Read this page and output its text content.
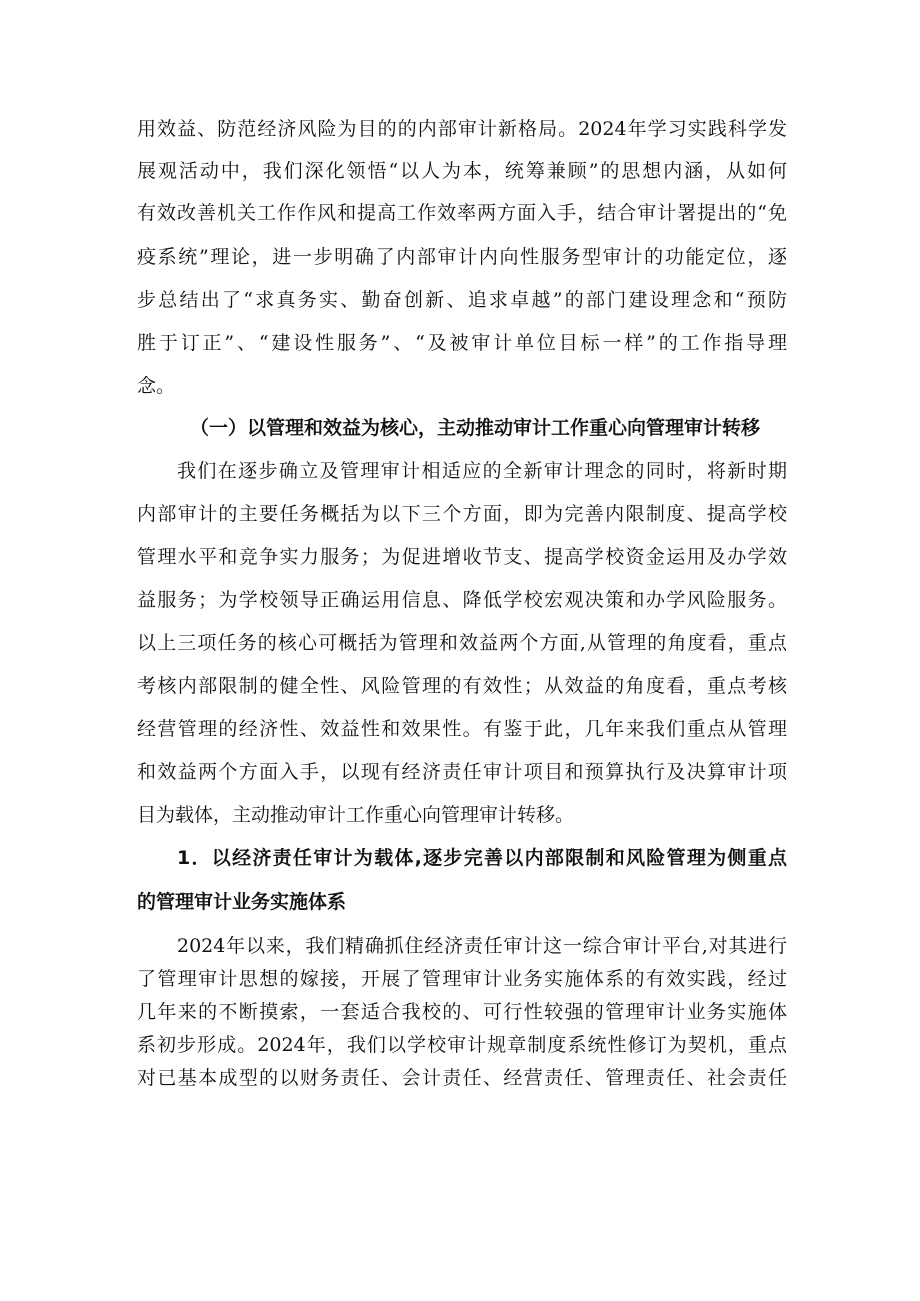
用效益、防范经济风险为目的的内部审计新格局。2024年学习实践科学发
展观活动中，我们深化领悟“以人为本，统筹兼顾”的思想内涵，从如何
有效改善机关工作作风和提高工作效率两方面入手，结合审计署提出的“免
疫系统”理论，进一步明确了内部审计内向性服务型审计的功能定位，逐
步总结出了“求真务实、勤奋创新、追求卓越”的部门建设理念和“预防
胜于订正”、“建设性服务”、“及被审计单位目标一样”的工作指导理
念。
（一）以管理和效益为核心，主动推动审计工作重心向管理审计转移
我们在逐步确立及管理审计相适应的全新审计理念的同时，将新时期
内部审计的主要任务概括为以下三个方面，即为完善内限制度、提高学校
管理水平和竞争实力服务；为促进增收节支、提高学校资金运用及办学效
益服务；为学校领导正确运用信息、降低学校宏观决策和办学风险服务。
以上三项任务的核心可概括为管理和效益两个方面,从管理的角度看，重点
考核内部限制的健全性、风险管理的有效性；从效益的角度看，重点考核
经营管理的经济性、效益性和效果性。有鉴于此，几年来我们重点从管理
和效益两个方面入手，以现有经济责任审计项目和预算执行及决算审计项
目为载体，主动推动审计工作重心向管理审计转移。
1．以经济责任审计为载体,逐步完善以内部限制和风险管理为侧重点
的管理审计业务实施体系
2024年以来，我们精确抓住经济责任审计这一综合审计平台,对其进行
了管理审计思想的嫁接，开展了管理审计业务实施体系的有效实践，经过
几年来的不断摸索，一套适合我校的、可行性较强的管理审计业务实施体
系初步形成。2024年，我们以学校审计规章制度系统性修订为契机，重点
对已基本成型的以财务责任、会计责任、经营责任、管理责任、社会责任
